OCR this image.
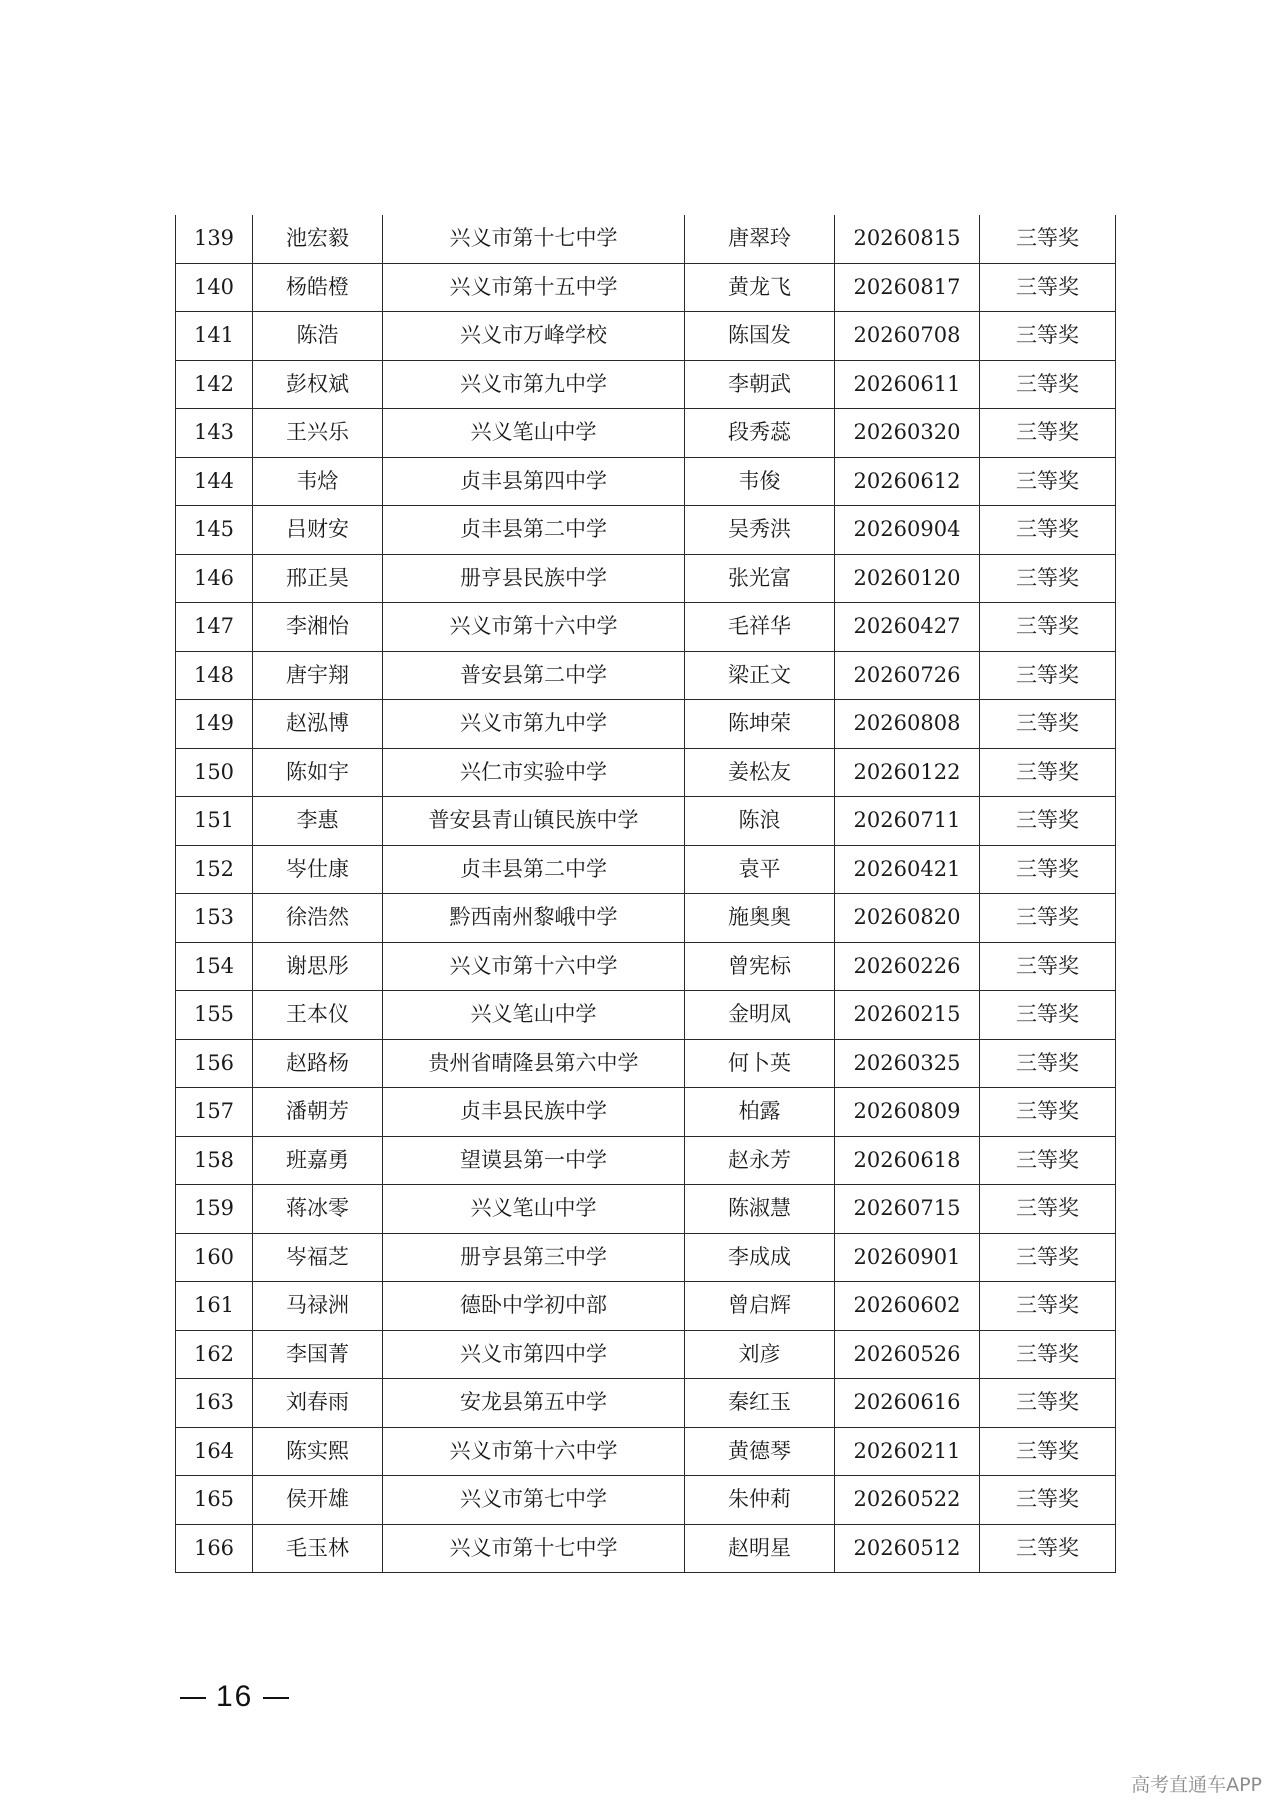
139	池宏毅	兴义市第十七中学	唐翠玲	20260815	三等奖
140	杨皓橙	兴义市第十五中学	黄龙飞	20260817	三等奖
141	陈浩	兴义市万峰学校	陈国发	20260708	三等奖
142	彭权斌	兴义市第九中学	李朝武	20260611	三等奖
143	王兴乐	兴义笔山中学	段秀蕊	20260320	三等奖
144	韦焓	贞丰县第四中学	韦俊	20260612	三等奖
145	吕财安	贞丰县第二中学	吴秀洪	20260904	三等奖
146	邢正昊	册亨县民族中学	张光富	20260120	三等奖
147	李湘怡	兴义市第十六中学	毛祥华	20260427	三等奖
148	唐宇翔	普安县第二中学	梁正文	20260726	三等奖
149	赵泓博	兴义市第九中学	陈坤荣	20260808	三等奖
150	陈如宇	兴仁市实验中学	姜松友	20260122	三等奖
151	李惠	普安县青山镇民族中学	陈浪	20260711	三等奖
152	岑仕康	贞丰县第二中学	袁平	20260421	三等奖
153	徐浩然	黔西南州黎峨中学	施奥奥	20260820	三等奖
154	谢思彤	兴义市第十六中学	曾宪标	20260226	三等奖
155	王本仪	兴义笔山中学	金明凤	20260215	三等奖
156	赵路杨	贵州省晴隆县第六中学	何卜英	20260325	三等奖
157	潘朝芳	贞丰县民族中学	柏露	20260809	三等奖
158	班嘉勇	望谟县第一中学	赵永芳	20260618	三等奖
159	蒋冰零	兴义笔山中学	陈淑慧	20260715	三等奖
160	岑福芝	册亨县第三中学	李成成	20260901	三等奖
161	马禄洲	德卧中学初中部	曾启辉	20260602	三等奖
162	李国菁	兴义市第四中学	刘彦	20260526	三等奖
163	刘春雨	安龙县第五中学	秦红玉	20260616	三等奖
164	陈实熙	兴义市第十六中学	黄德琴	20260211	三等奖
165	侯开雄	兴义市第七中学	朱仲莉	20260522	三等奖
166	毛玉林	兴义市第十七中学	赵明星	20260512	三等奖
16
高考直通车APP
